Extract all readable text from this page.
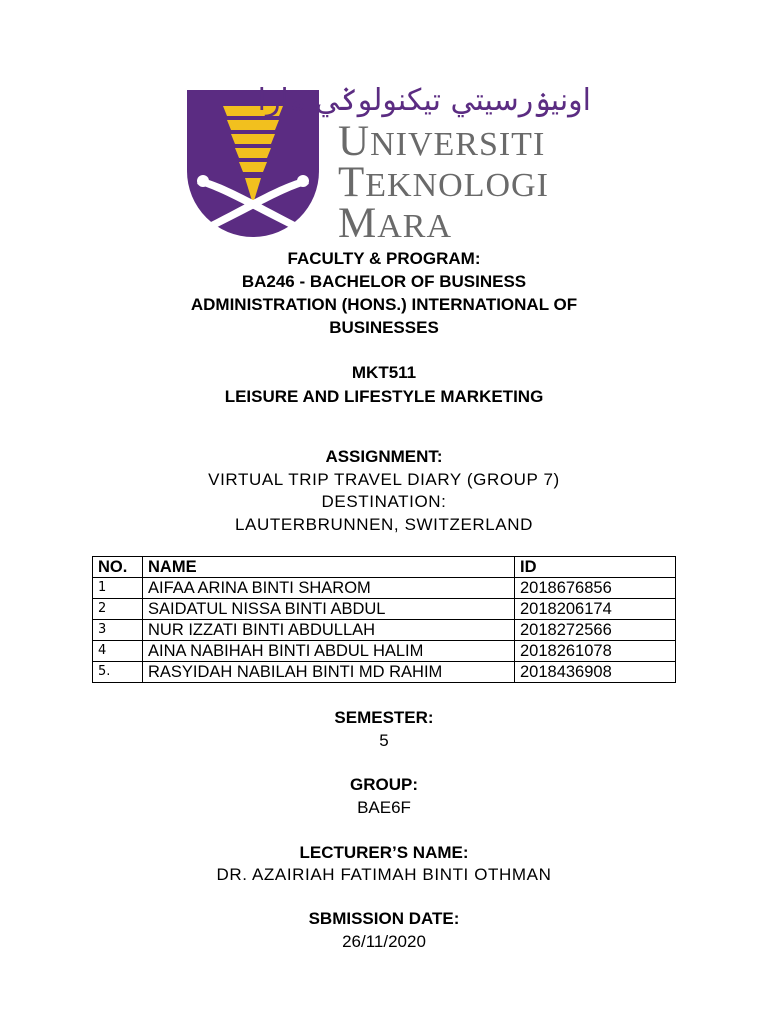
اونيۏرسيتي تيكنولوݢي مارا
UNIVERSITI
TEKNOLOGI
MARA
FACULTY & PROGRAM:
BA246 - BACHELOR OF BUSINESS
ADMINISTRATION (HONS.) INTERNATIONAL OF
BUSINESSES
MKT511
LEISURE AND LIFESTYLE MARKETING
ASSIGNMENT:
VIRTUAL TRIP TRAVEL DIARY (GROUP 7)
DESTINATION:
LAUTERBRUNNEN, SWITZERLAND
NO.	NAME	ID
1	AIFAA ARINA BINTI SHAROM	2018676856
2	SAIDATUL NISSA BINTI ABDUL	2018206174
3	NUR IZZATI BINTI ABDULLAH	2018272566
4	AINA NABIHAH BINTI ABDUL HALIM	2018261078
5.	RASYIDAH NABILAH BINTI MD RAHIM	2018436908
SEMESTER:
5
GROUP:
BAE6F
LECTURER’S NAME:
DR. AZAIRIAH FATIMAH BINTI OTHMAN
SBMISSION DATE:
26/11/2020
